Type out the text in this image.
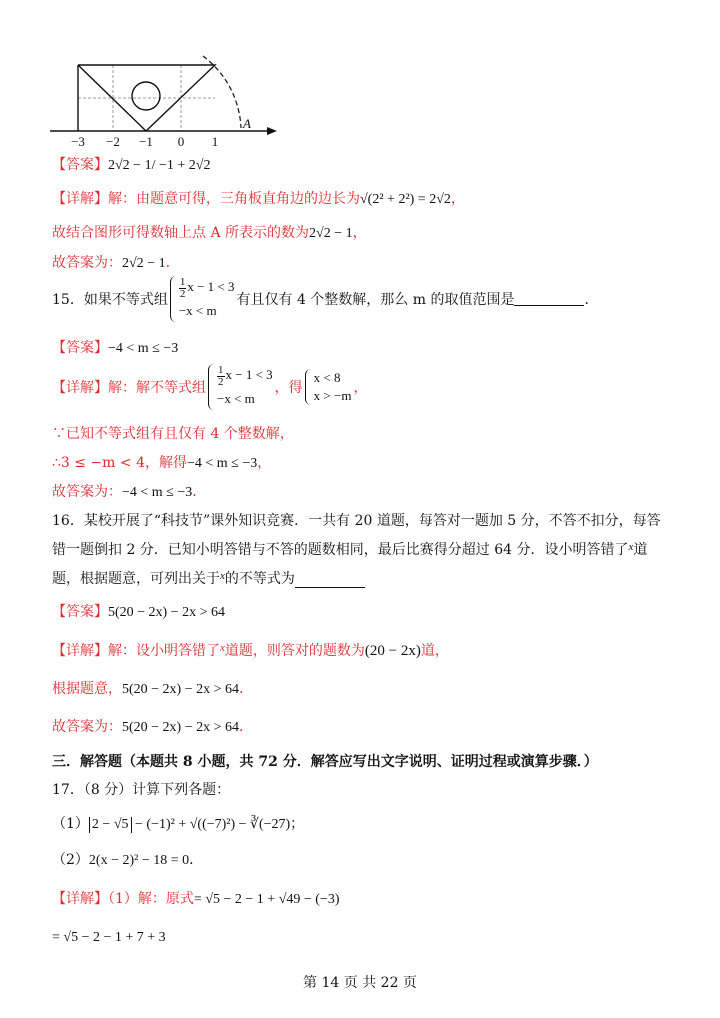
−3 −2 −1 0 1
A
【答案】2√2 − 1/ −1 + 2√2
【详解】解：由题意可得，三角板直角边的边长为√(2² + 2²) = 2√2，
故结合图形可得数轴上点 A 所表示的数为2√2 − 1，
故答案为：2√2 − 1．
15．如果不等式组
$\frac{1}{2}$ x − 1 < 3
−x < m
有且仅有 4 个整数解，那么 m 的取值范围是	．
【答案】−4 < m ≤ −3
【详解】解：解不等式组
$\frac{1}{2}$ x − 1 < 3
−x < m
，得
x < 8
x > −m ，
∵已知不等式组有且仅有 4 个整数解，
∴3 ≤ −m < 4，解得−4 < m ≤ −3，
故答案为：−4 < m ≤ −3．
16．某校开展了“科技节”课外知识竞赛．一共有 20 道题，每答对一题加 5 分，不答不扣分，每答
错一题倒扣 2 分．已知小明答错与不答的题数相同，最后比赛得分超过 64 分．设小明答错了$^x$道
题，根据题意，可列出关于$^x$的不等式为
【答案】5(20 − 2x) − 2x > 64
【详解】解：设小明答错了$^x$道题，则答对的题数为(20 − 2x)道，
根据题意，5(20 − 2x) − 2x > 64．
故答案为：5(20 − 2x) − 2x > 64．
三．解答题（本题共 8 小题，共 72 分．解答应写出文字说明、证明过程或演算步骤．）
17．（8 分）计算下列各题：
（1） 2 − √5 − (−1)² + √((−7)²) − ∛(−27)；
（2）2(x − 2)² − 18 = 0．
【详解】（1）解：原式= √5 − 2 − 1 + √49 − (−3)
= √5 − 2 − 1 + 7 + 3
第 14 页 共 22 页
